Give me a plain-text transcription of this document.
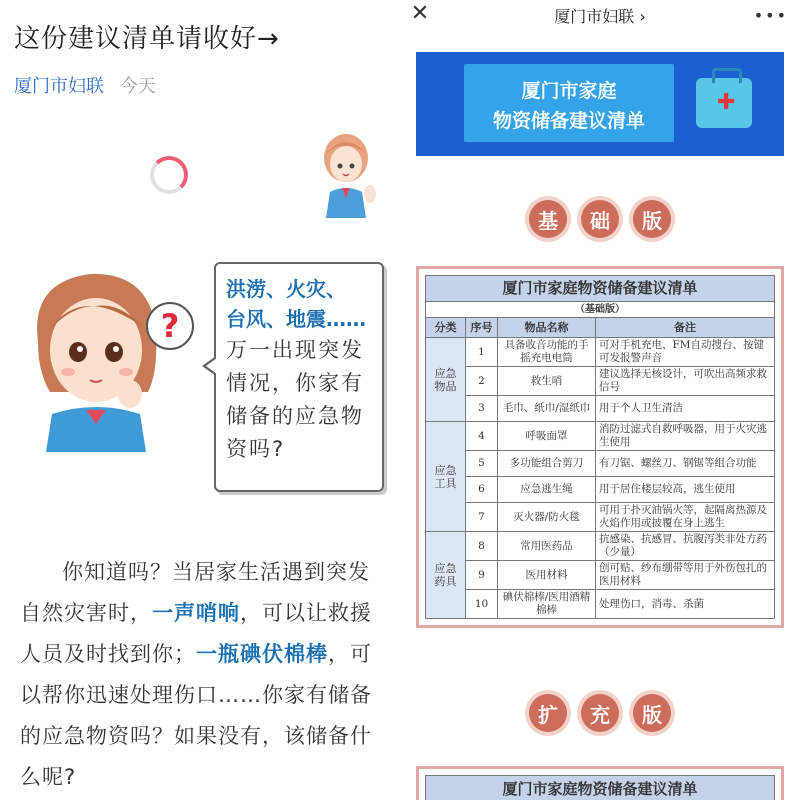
这份建议清单请收好→
厦门市妇联 今天
?
洪涝、火灾、
台风、地震……
万一出现突发
情况，你家有
储备的应急物
资吗?
你知道吗？当居家生活遇到突发自然灾害时，一声哨响，可以让救援人员及时找到你；一瓶碘伏棉棒，可以帮你迅速处理伤口……你家有储备的应急物资吗？如果没有，该储备什么呢?
✕	厦门市妇联 ›	•••
厦门市家庭
物资储备建议清单
✚
基	础	版
厦门市家庭物资储备建议清单			
（基础版）			
分类	序号	物品名称	备注
应急
物品	1	具备收音功能的手摇充电电筒	可对手机充电、FM自动搜台、按键可发报警声音
	2	救生哨	建议选择无核设计，可吹出高频求救信号
	3	毛巾、纸巾/湿纸巾	用于个人卫生清洁
应急
工具	4	呼吸面罩	消防过滤式自救呼吸器，用于火灾逃生使用
	5	多功能组合剪刀	有刀锯、螺丝刀、钢锯等组合功能
	6	应急逃生绳	用于居住楼层较高，逃生使用
	7	灭火器/防火毯	可用于扑灭油锅火等，起隔离热源及火焰作用或披覆在身上逃生
应急
药具	8	常用医药品	抗感染、抗感冒、抗腹泻类非处方药（少量）
	9	医用材料	创可贴、纱布绷带等用于外伤包扎的医用材料
	10	碘伏棉棒/医用酒精棉棒	处理伤口，消毒、杀菌
扩	充	版
厦门市家庭物资储备建议清单
